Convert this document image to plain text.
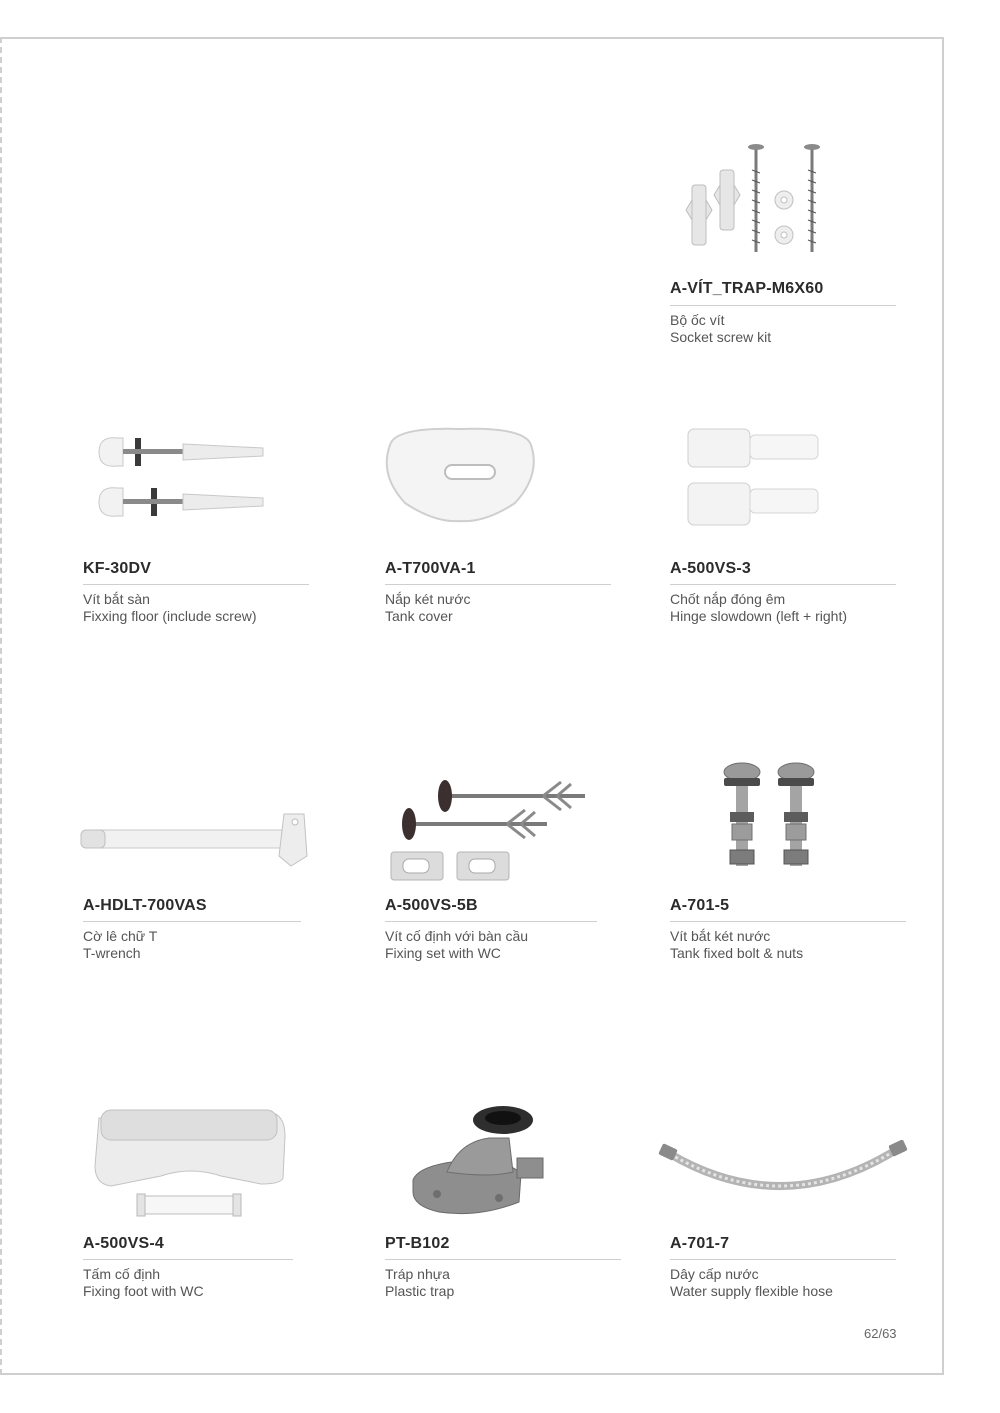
A-VÍT_TRAP-M6X60
Bộ ốc vít
Socket screw kit
KF-30DV
Vít bắt sàn
Fixxing floor (include screw)
A-T700VA-1
Nắp két nước
Tank cover
A-500VS-3
Chốt nắp đóng êm
Hinge slowdown (left + right)
A-HDLT-700VAS
Cờ lê chữ T
T-wrench
A-500VS-5B
Vít cố định với bàn cầu
Fixing set with WC
A-701-5
Vít bắt két nước
Tank fixed bolt & nuts
A-500VS-4
Tấm cố định
Fixing foot with WC
PT-B102
Tráp nhựa
Plastic trap
A-701-7
Dây cấp nước
Water supply flexible hose
62/63
